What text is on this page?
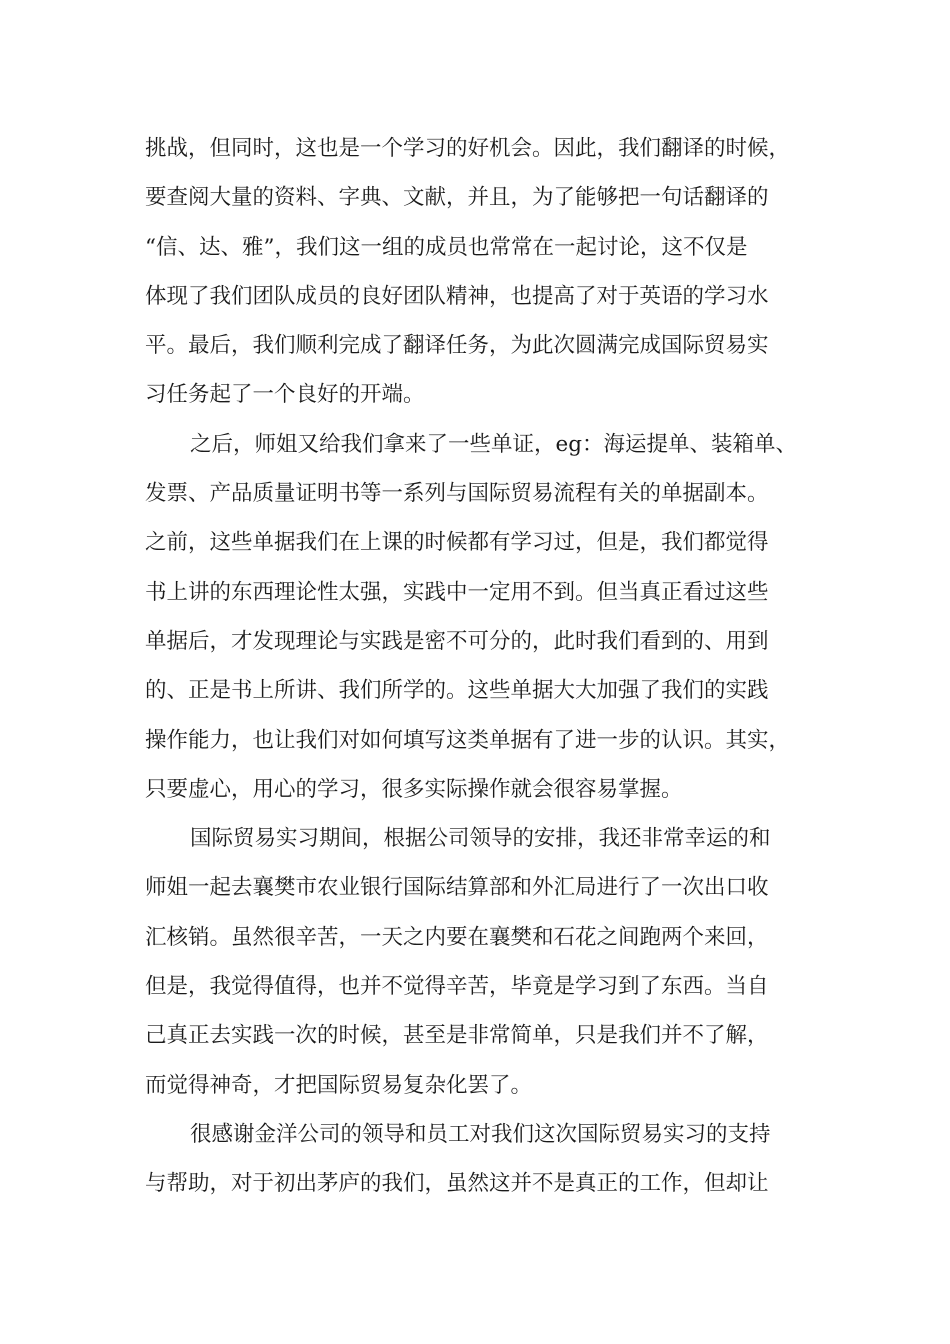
挑战，但同时，这也是一个学习的好机会。因此，我们翻译的时候，
要查阅大量的资料、字典、文献，并且，为了能够把一句话翻译的
“信、达、雅”，我们这一组的成员也常常在一起讨论，这不仅是
体现了我们团队成员的良好团队精神，也提高了对于英语的学习水
平。最后，我们顺利完成了翻译任务，为此次圆满完成国际贸易实
习任务起了一个良好的开端。
之后，师姐又给我们拿来了一些单证，eg：海运提单、装箱单、
发票、产品质量证明书等一系列与国际贸易流程有关的单据副本。
之前，这些单据我们在上课的时候都有学习过，但是，我们都觉得
书上讲的东西理论性太强，实践中一定用不到。但当真正看过这些
单据后，才发现理论与实践是密不可分的，此时我们看到的、用到
的、正是书上所讲、我们所学的。这些单据大大加强了我们的实践
操作能力，也让我们对如何填写这类单据有了进一步的认识。其实，
只要虚心，用心的学习，很多实际操作就会很容易掌握。
国际贸易实习期间，根据公司领导的安排，我还非常幸运的和
师姐一起去襄樊市农业银行国际结算部和外汇局进行了一次出口收
汇核销。虽然很辛苦，一天之内要在襄樊和石花之间跑两个来回，
但是，我觉得值得，也并不觉得辛苦，毕竟是学习到了东西。当自
己真正去实践一次的时候，甚至是非常简单，只是我们并不了解，
而觉得神奇，才把国际贸易复杂化罢了。
很感谢金洋公司的领导和员工对我们这次国际贸易实习的支持
与帮助，对于初出茅庐的我们，虽然这并不是真正的工作，但却让
